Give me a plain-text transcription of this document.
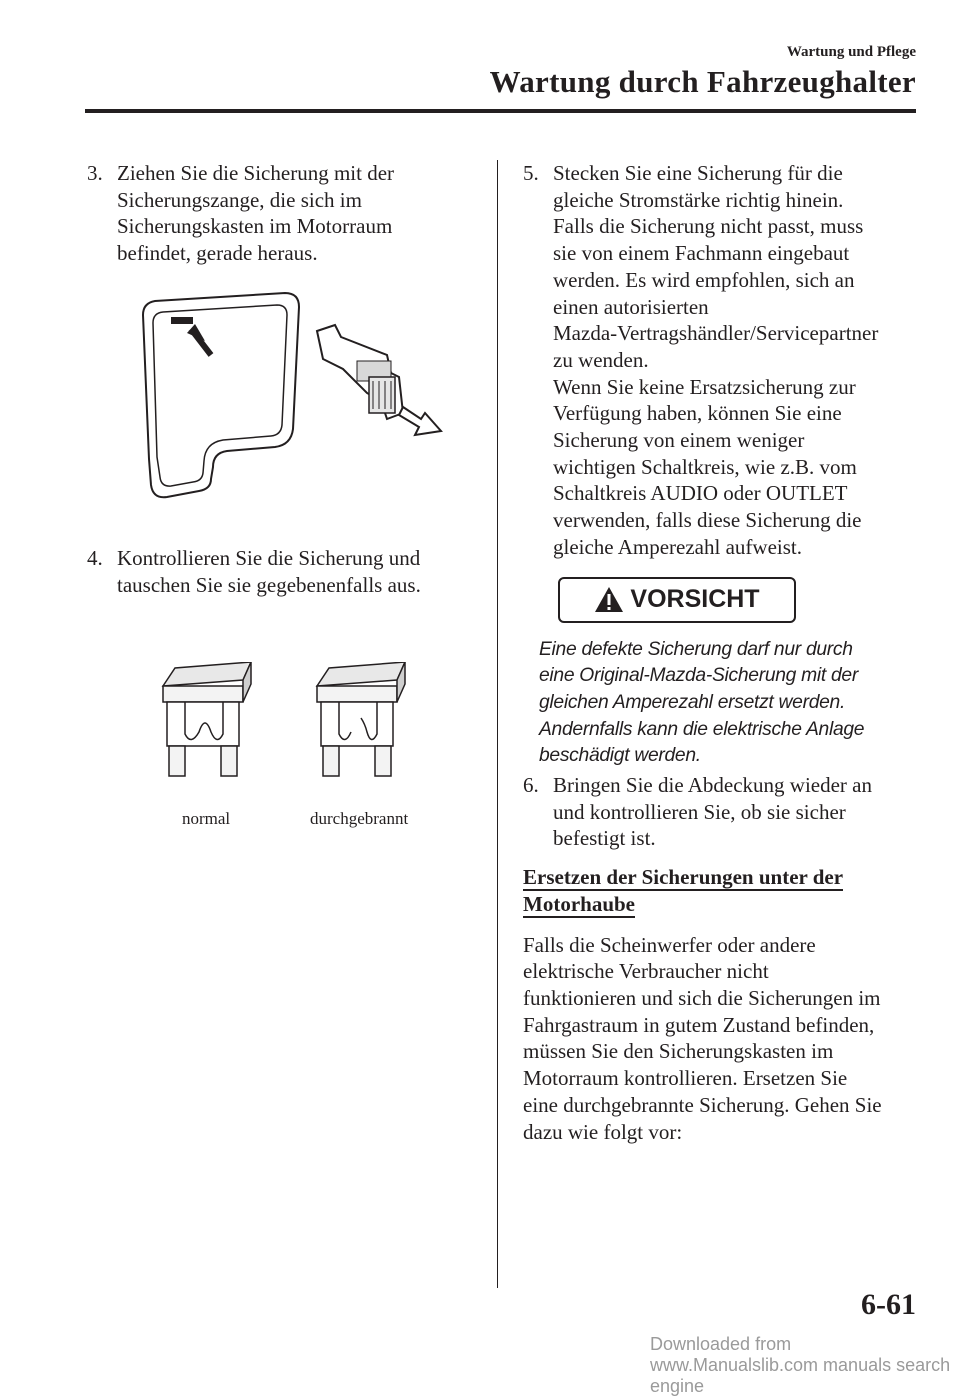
Wartung und Pflege
Wartung durch Fahrzeughalter
3. Ziehen Sie die Sicherung mit der
Sicherungszange, die sich im
Sicherungskasten im Motorraum
befindet, gerade heraus.
4. Kontrollieren Sie die Sicherung und
tauschen Sie sie gegebenenfalls aus.
normal	durchgebrannt
5. Stecken Sie eine Sicherung für die
gleiche Stromstärke richtig hinein.
Falls die Sicherung nicht passt, muss
sie von einem Fachmann eingebaut
werden. Es wird empfohlen, sich an
einen autorisierten
Mazda-Vertragshändler/Servicepartner
zu wenden.
Wenn Sie keine Ersatzsicherung zur
Verfügung haben, können Sie eine
Sicherung von einem weniger
wichtigen Schaltkreis, wie z.B. vom
Schaltkreis AUDIO oder OUTLET
verwenden, falls diese Sicherung die
gleiche Amperezahl aufweist.
VORSICHT
Eine defekte Sicherung darf nur durch
eine Original-Mazda-Sicherung mit der
gleichen Amperezahl ersetzt werden.
Andernfalls kann die elektrische Anlage
beschädigt werden.
6. Bringen Sie die Abdeckung wieder an
und kontrollieren Sie, ob sie sicher
befestigt ist.
Ersetzen der Sicherungen unter der
Motorhaube
Falls die Scheinwerfer oder andere
elektrische Verbraucher nicht
funktionieren und sich die Sicherungen im
Fahrgastraum in gutem Zustand befinden,
müssen Sie den Sicherungskasten im
Motorraum kontrollieren. Ersetzen Sie
eine durchgebrannte Sicherung. Gehen Sie
dazu wie folgt vor:
6-61
Downloaded from www.Manualslib.com manuals search engine
